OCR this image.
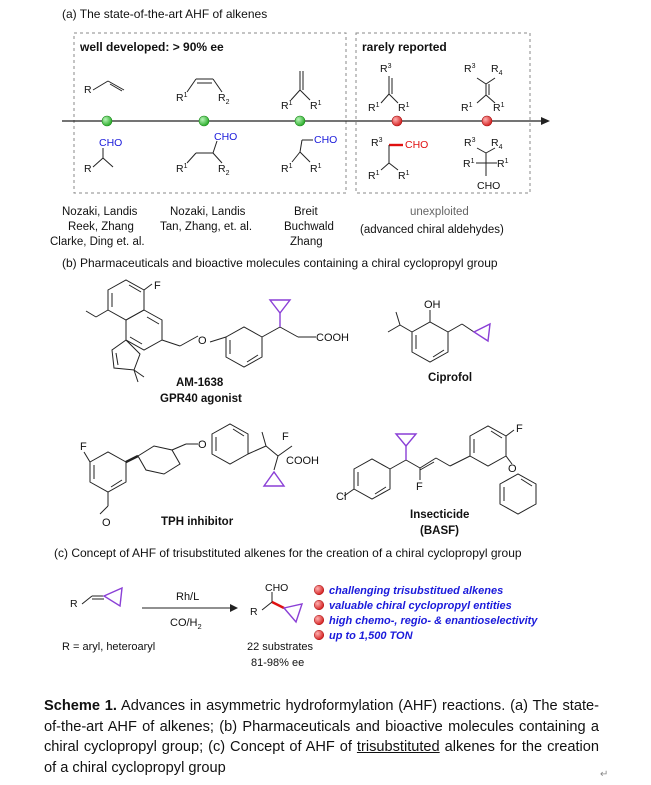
(a) The state-of-the-art AHF of alkenes
well developed: > 90% ee	rarely reported
R
$R^1$	$R_2$	$R^1$ $R^1$
$R^3$
$R^1$ $R^1$
$R^3$ $R_4$
$R^1$ $R^1$
CHO
R
CHO
$R^1$	$R_2$
CHO
$R^1$ $R^1$
$R^3$ CHO
$R^1$ $R^1$
$R^3$ $R_4$
$R^1$ $R^1$
CHO
Nozaki, Landis
Reek, Zhang
Clarke, Ding et. al.
Nozaki, Landis
Tan, Zhang, et. al.
Breit
Buchwald
Zhang
unexploited
(advanced chiral aldehydes)
(b) Pharmaceuticals and bioactive molecules containing a chiral cyclopropyl group
O
F
COOH
AM-1638
GPR40 agonist
OH
Ciprofol
F
O
O
F
COOH
TPH inhibitor
Cl
F
F
O
Insecticide
(BASF)
(c) Concept of AHF of trisubstituted alkenes for the creation of a chiral cyclopropyl group
R
Rh/L
$CO/H_2$
CHO
R
R = aryl, heteroaryl	22 substrates
81-98% ee
challenging trisubstitued alkenes
valuable chiral cyclopropyl entities
high chemo-, regio- & enantioselectivity
up to 1,500 TON
Scheme 1. Advances in asymmetric hydroformylation (AHF) reactions. (a) The state-of-the-art AHF of alkenes; (b) Pharmaceuticals and bioactive molecules containing a chiral cyclopropyl group; (c) Concept of AHF of trisubstituted alkenes for the creation of a chiral cyclopropyl group	↵
